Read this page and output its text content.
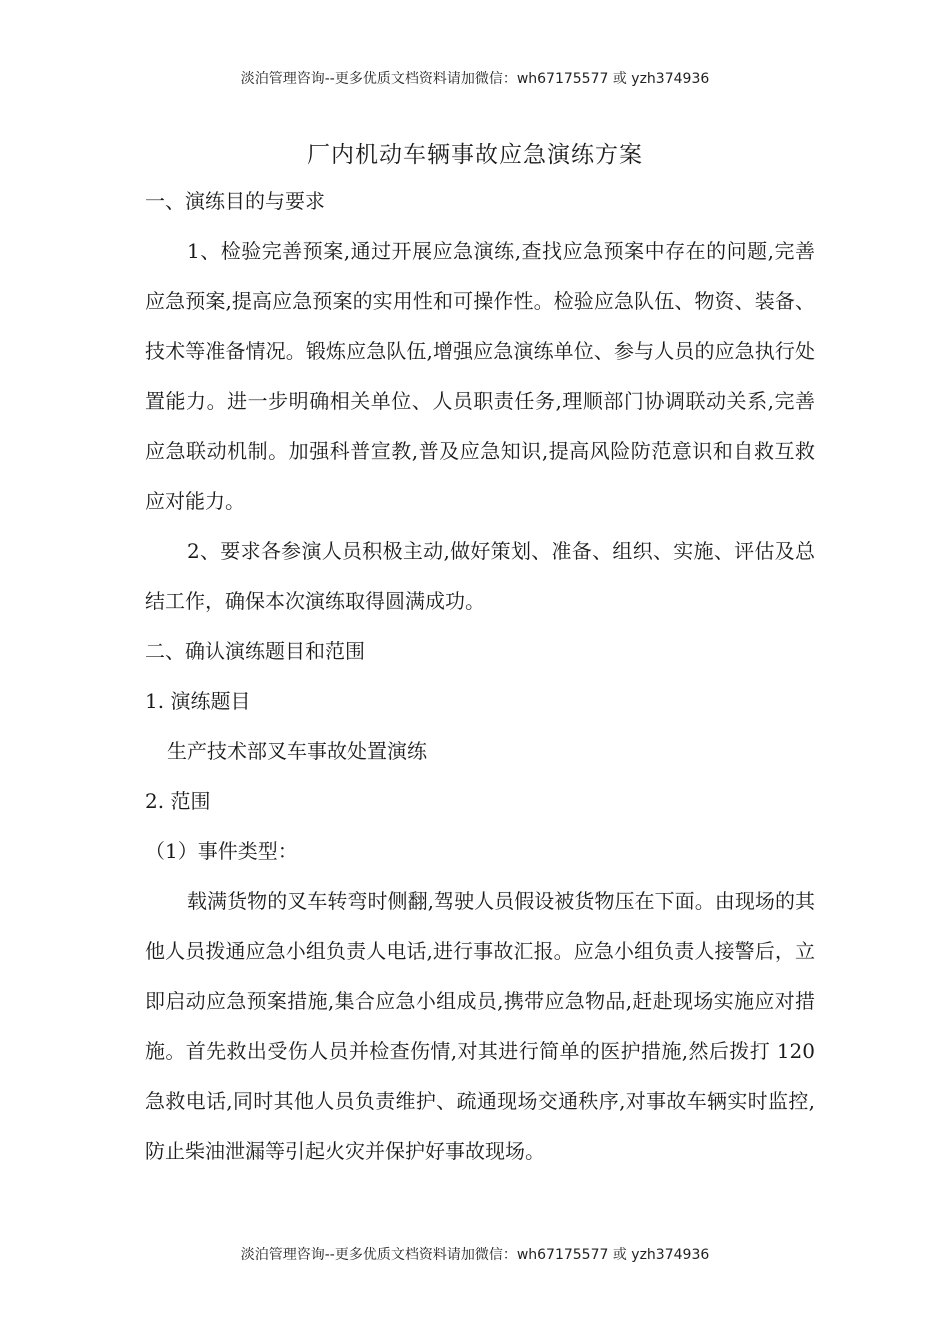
淡泊管理咨询--更多优质文档资料请加微信：wh67175577 或 yzh374936
厂内机动车辆事故应急演练方案

一、演练目的与要求

1、检验完善预案,通过开展应急演练,查找应急预案中存在的问题,完善应急预案,提高应急预案的实用性和可操作性。检验应急队伍、物资、装备、技术等准备情况。锻炼应急队伍,增强应急演练单位、参与人员的应急执行处置能力。进一步明确相关单位、人员职责任务,理顺部门协调联动关系,完善应急联动机制。加强科普宣教,普及应急知识,提高风险防范意识和自救互救应对能力。

2、要求各参演人员积极主动,做好策划、准备、组织、实施、评估及总结工作，确保本次演练取得圆满成功。

二、确认演练题目和范围

1. 演练题目

生产技术部叉车事故处置演练

2. 范围

（1）事件类型：

载满货物的叉车转弯时侧翻,驾驶人员假设被货物压在下面。由现场的其他人员拨通应急小组负责人电话,进行事故汇报。应急小组负责人接警后，立即启动应急预案措施,集合应急小组成员,携带应急物品,赶赴现场实施应对措施。首先救出受伤人员并检查伤情,对其进行简单的医护措施,然后拨打 120 急救电话,同时其他人员负责维护、疏通现场交通秩序,对事故车辆实时监控,防止柴油泄漏等引起火灾并保护好事故现场。

淡泊管理咨询--更多优质文档资料请加微信：wh67175577 或 yzh374936
